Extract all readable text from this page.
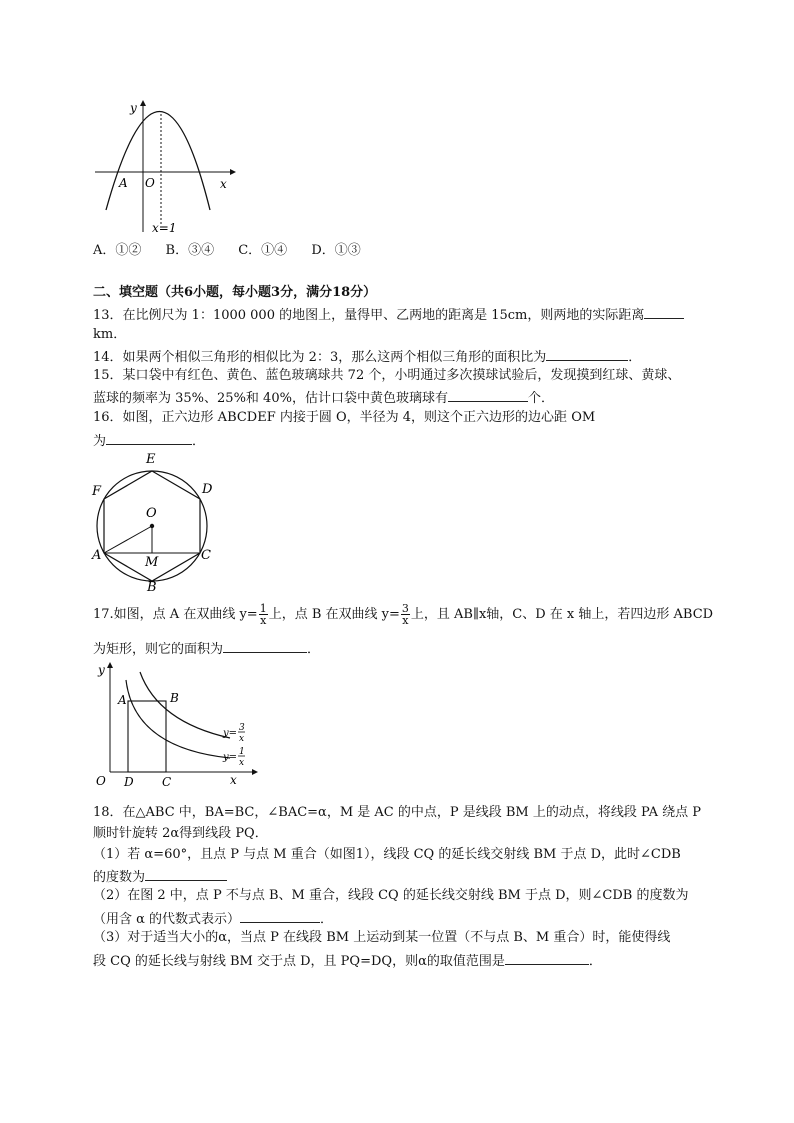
y
x
A O
x=1
A．①② B．③④ C．①④ D．①③
二、填空题（共6小题，每小题3分，满分18分）
13．在比例尺为 1：1000 000 的地图上，量得甲、乙两地的距离是 15cm，则两地的实际距离
km．
14．如果两个相似三角形的相似比为 2：3，那么这两个相似三角形的面积比为	．
15．某口袋中有红色、黄色、蓝色玻璃球共 72 个，小明通过多次摸球试验后，发现摸到红球、黄球、
蓝球的频率为 35%、25%和 40%，估计口袋中黄色玻璃球有	个．
16．如图，正六边形 ABCDEF 内接于圆 O，半径为 4，则这个正六边形的边心距 OM
为	．
E
D
F
O
A	M	C
B
17.如图，点 A 在双曲线 $y= \frac{1}{x}$ 上，点 B 在双曲线 $y= \frac{3}{x}$ 上，且 AB∥x轴，C、D 在 x 轴上，若四边形 ABCD
为矩形，则它的面积为	．
y
A	B
O D C	x
y= 3
x
y= 1
x
18．在△ABC 中，BA=BC，∠BAC=α，M 是 AC 的中点，P 是线段 BM 上的动点，将线段 PA 绕点 P
顺时针旋转 2α得到线段 PQ．
（1）若 α=60°，且点 P 与点 M 重合（如图1），线段 CQ 的延长线交射线 BM 于点 D，此时∠CDB
的度数为
（2）在图 2 中，点 P 不与点 B、M 重合，线段 CQ 的延长线交射线 BM 于点 D，则∠CDB 的度数为
（用含 α 的代数式表示）	．
（3）对于适当大小的α，当点 P 在线段 BM 上运动到某一位置（不与点 B、M 重合）时，能使得线
段 CQ 的延长线与射线 BM 交于点 D，且 PQ=DQ，则α的取值范围是	．
